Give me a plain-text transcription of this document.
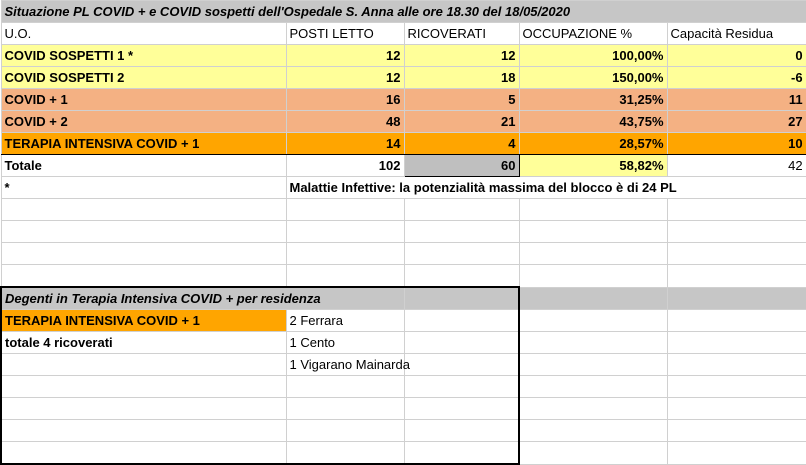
Situazione PL COVID + e COVID sospetti dell'Ospedale S. Anna alle ore 18.30 del 18/05/2020				
U.O.	POSTI LETTO	RICOVERATI	OCCUPAZIONE %	Capacità Residua
COVID SOSPETTI 1 *	12	12	100,00%	0
COVID SOSPETTI 2	12	18	150,00%	-6
COVID + 1	16	5	31,25%	11
COVID + 2	48	21	43,75%	27
TERAPIA INTENSIVA COVID + 1	14	4	28,57%	10
Totale	102	60	58,82%	42
*	Malattie Infettive: la potenzialità massima del blocco è di 24 PL			

Degenti in Terapia Intensiva COVID + per residenza				
TERAPIA INTENSIVA COVID + 1	2 Ferrara			
totale 4 ricoverati	1 Cento			
	1 Vigarano Mainarda			
